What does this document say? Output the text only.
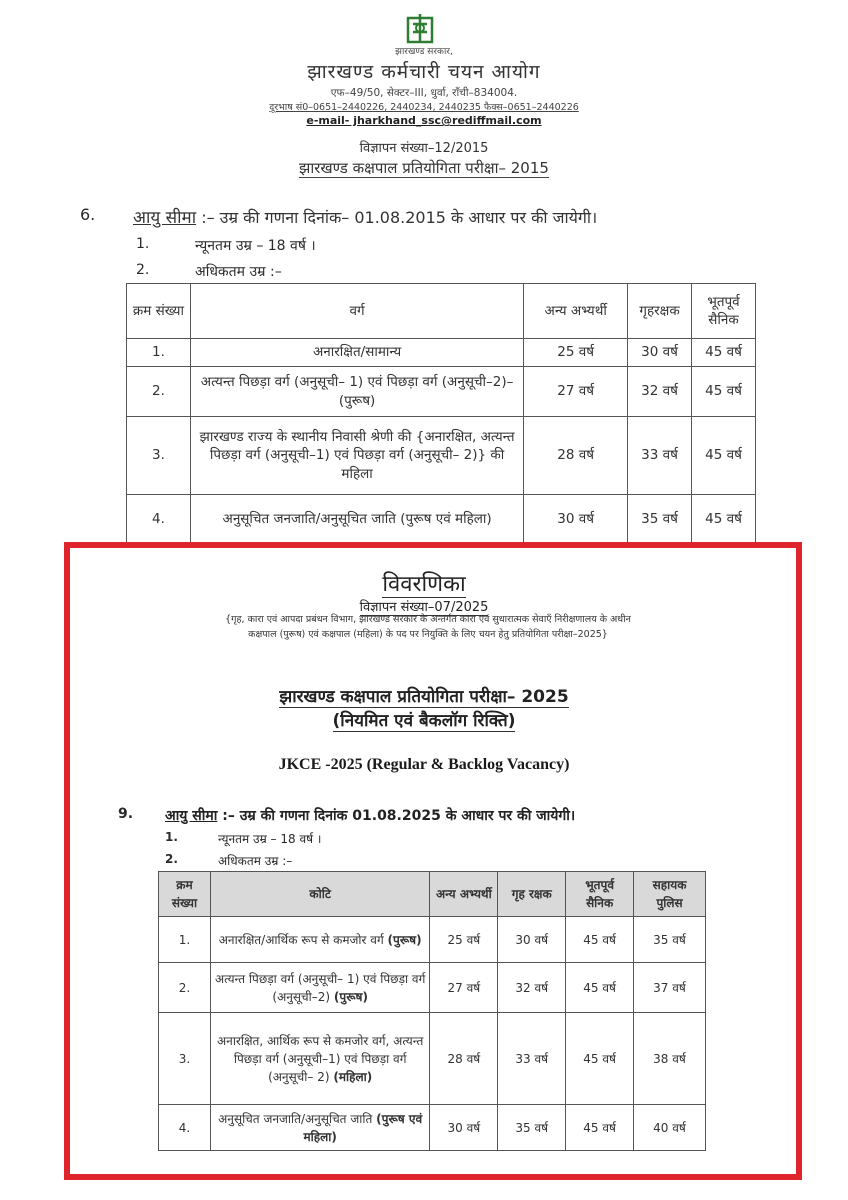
झारखण्ड सरकार,
झारखण्ड कर्मचारी चयन आयोग
एफ–49/50, सेक्टर–III, धुर्वा, राँची–834004.
दूरभाष सं0–0651–2440226, 2440234, 2440235 फैक्स–0651–2440226
e-mail- jharkhand_ssc@rediffmail.com
विज्ञापन संख्या–12/2015
झारखण्ड कक्षपाल प्रतियोगिता परीक्षा– 2015
6. आयु सीमा :– उम्र की गणना दिनांक– 01.08.2015 के आधार पर की जायेगी।
1.	न्यूनतम उम्र – 18 वर्ष ।
2.	अधिकतम उम्र :–
क्रम संख्या	वर्ग	अन्य अभ्यर्थी	गृहरक्षक	भूतपूर्व सैनिक
1.	अनारक्षित/सामान्य	25 वर्ष	30 वर्ष	45 वर्ष
2.	अत्यन्त पिछड़ा वर्ग (अनुसूची– 1) एवं पिछड़ा वर्ग (अनुसूची–2)– (पुरूष)	27 वर्ष	32 वर्ष	45 वर्ष
3.	झारखण्ड राज्य के स्थानीय निवासी श्रेणी की {अनारक्षित, अत्यन्त पिछड़ा वर्ग (अनुसूची–1) एवं पिछड़ा वर्ग (अनुसूची– 2)} की महिला	28 वर्ष	33 वर्ष	45 वर्ष
4.	अनुसूचित जनजाति/अनुसूचित जाति (पुरूष एवं महिला)	30 वर्ष	35 वर्ष	45 वर्ष
विवरणिका
विज्ञापन संख्या–07/2025
{गृह, कारा एवं आपदा प्रबंधन विभाग, झारखण्ड सरकार के अन्तर्गत कारा एवं सुधारात्मक सेवाएँ निरीक्षणालय के अधीन कक्षपाल (पुरूष) एवं कक्षपाल (महिला) के पद पर नियुक्ति के लिए चयन हेतु प्रतियोगिता परीक्षा–2025}
झारखण्ड कक्षपाल प्रतियोगिता परीक्षा– 2025
(नियमित एवं बैकलॉग रिक्ति)
JKCE -2025 (Regular & Backlog Vacancy)
9. आयु सीमा :– उम्र की गणना दिनांक 01.08.2025 के आधार पर की जायेगी।
1.	न्यूनतम उम्र – 18 वर्ष ।
2.	अधिकतम उम्र :–
क्रम संख्या	कोटि	अन्य अभ्यर्थी	गृह रक्षक	भूतपूर्व सैनिक	सहायक पुलिस
1.	अनारक्षित/आर्थिक रूप से कमजोर वर्ग (पुरूष)	25 वर्ष	30 वर्ष	45 वर्ष	35 वर्ष
2.	अत्यन्त पिछड़ा वर्ग (अनुसूची– 1) एवं पिछड़ा वर्ग (अनुसूची–2) (पुरूष)	27 वर्ष	32 वर्ष	45 वर्ष	37 वर्ष
3.	अनारक्षित, आर्थिक रूप से कमजोर वर्ग, अत्यन्त पिछड़ा वर्ग (अनुसूची–1) एवं पिछड़ा वर्ग (अनुसूची– 2) (महिला)	28 वर्ष	33 वर्ष	45 वर्ष	38 वर्ष
4.	अनुसूचित जनजाति/अनुसूचित जाति (पुरूष एवं महिला)	30 वर्ष	35 वर्ष	45 वर्ष	40 वर्ष
